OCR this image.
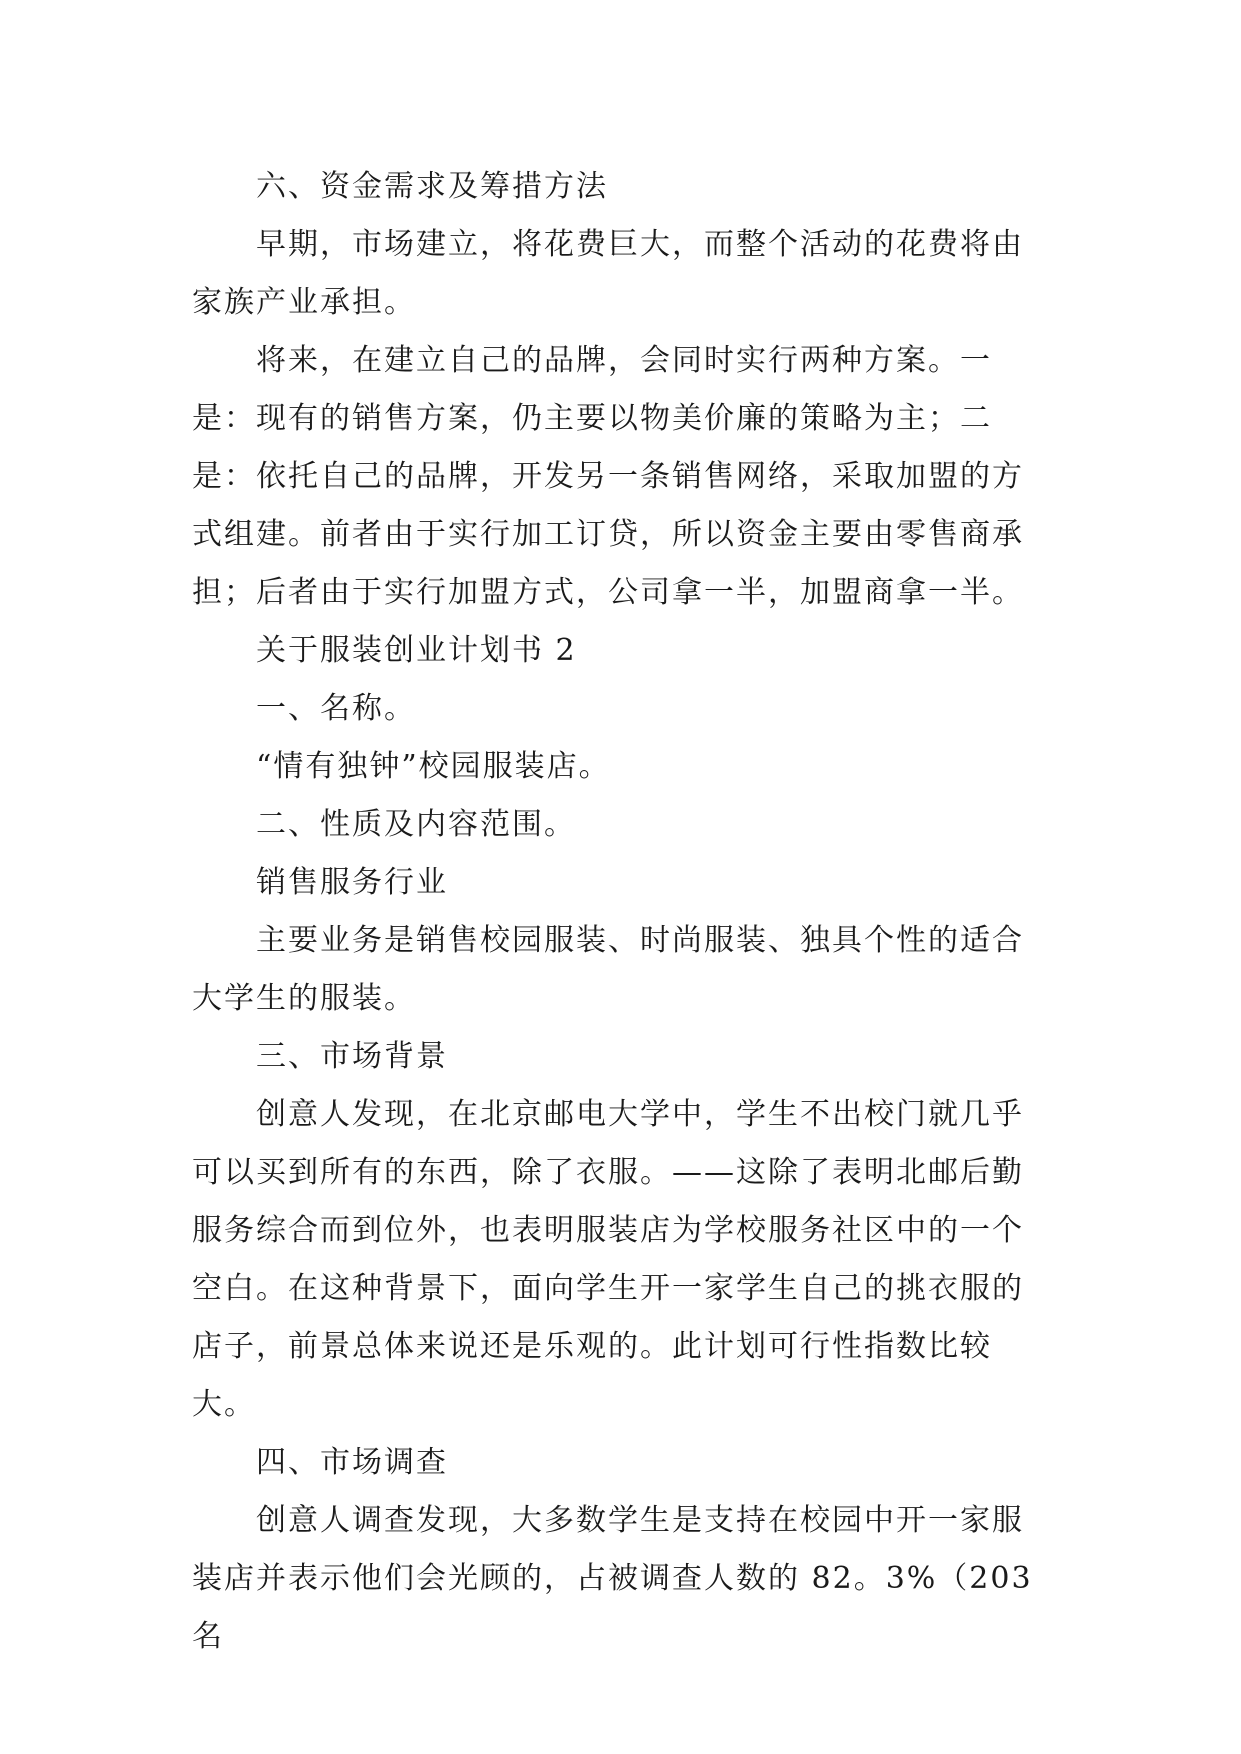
六、资金需求及筹措方法

早期，市场建立，将花费巨大，而整个活动的花费将由家族产业承担。

将来，在建立自己的品牌，会同时实行两种方案。一是：现有的销售方案，仍主要以物美价廉的策略为主；二是：依托自己的品牌，开发另一条销售网络，采取加盟的方式组建。前者由于实行加工订贷，所以资金主要由零售商承担；后者由于实行加盟方式，公司拿一半，加盟商拿一半。

关于服装创业计划书 2

一、名称。

“情有独钟”校园服装店。

二、性质及内容范围。

销售服务行业

主要业务是销售校园服装、时尚服装、独具个性的适合大学生的服装。

三、市场背景

创意人发现，在北京邮电大学中，学生不出校门就几乎可以买到所有的东西，除了衣服。——这除了表明北邮后勤服务综合而到位外，也表明服装店为学校服务社区中的一个空白。在这种背景下，面向学生开一家学生自己的挑衣服的店子，前景总体来说还是乐观的。此计划可行性指数比较大。

四、市场调查

创意人调查发现，大多数学生是支持在校园中开一家服装店并表示他们会光顾的，占被调查人数的 82。3%（203 名
